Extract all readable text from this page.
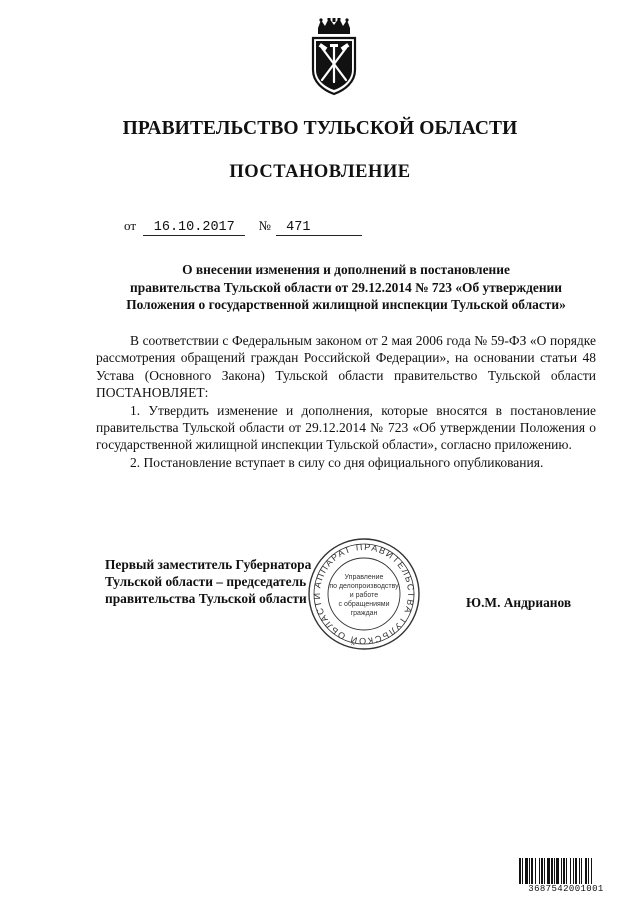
ПРАВИТЕЛЬСТВО ТУЛЬСКОЙ ОБЛАСТИ
ПОСТАНОВЛЕНИЕ
от 16.10.2017 № 471
О внесении изменения и дополнений в постановление
правительства Тульской области от 29.12.2014 № 723 «Об утверждении
Положения о государственной жилищной инспекции Тульской области»

В соответствии с Федеральным законом от 2 мая 2006 года № 59-ФЗ «О порядке рассмотрения обращений граждан Российской Федерации», на основании статьи 48 Устава (Основного Закона) Тульской области правительство Тульской области ПОСТАНОВЛЯЕТ:

1. Утвердить изменение и дополнения, которые вносятся в постановление правительства Тульской области от 29.12.2014 № 723 «Об утверждении Положения о государственной жилищной инспекции Тульской области», согласно приложению.

2. Постановление вступает в силу со дня официального опубликования.

АППАРАТ ПРАВИТЕЛЬСТВА ТУЛЬСКОЙ ОБЛАСТИ
Управление
по делопроизводству
и работе
с обращениями
граждан
Первый заместитель Губернатора
Тульской области – председатель
правительства Тульской области	Ю.М. Андрианов
3687542001001
